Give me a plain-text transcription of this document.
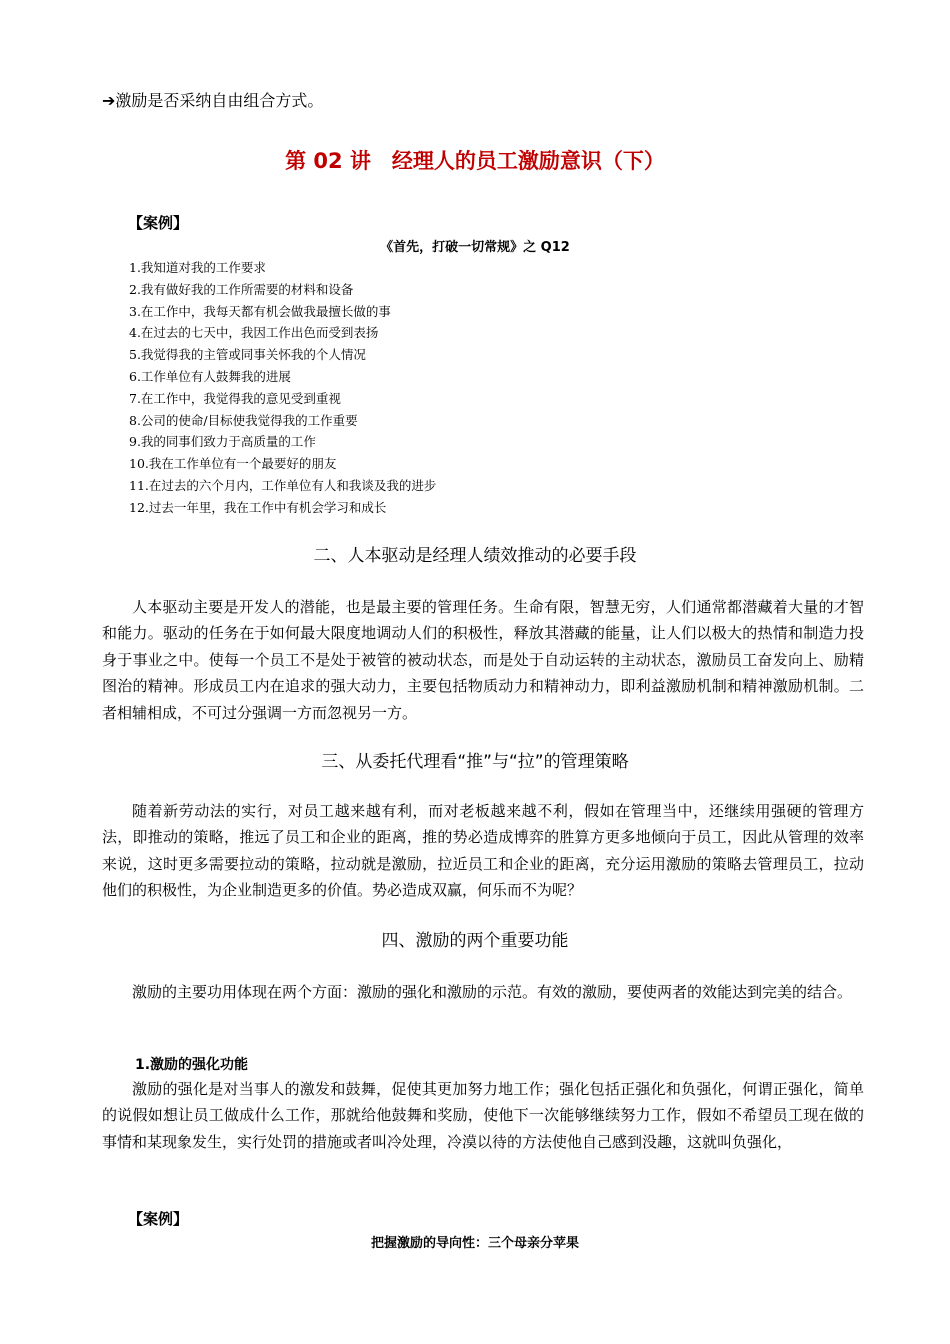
➔激励是否采纳自由组合方式。
第 02 讲　经理人的员工激励意识（下）
【案例】
《首先，打破一切常规》之 Q12
1.我知道对我的工作要求
2.我有做好我的工作所需要的材料和设备
3.在工作中，我每天都有机会做我最擅长做的事
4.在过去的七天中，我因工作出色而受到表扬
5.我觉得我的主管或同事关怀我的个人情况
6.工作单位有人鼓舞我的进展
7.在工作中，我觉得我的意见受到重视
8.公司的使命/目标使我觉得我的工作重要
9.我的同事们致力于高质量的工作
10.我在工作单位有一个最要好的朋友
11.在过去的六个月内，工作单位有人和我谈及我的进步
12.过去一年里，我在工作中有机会学习和成长
二、人本驱动是经理人绩效推动的必要手段

人本驱动主要是开发人的潜能，也是最主要的管理任务。生命有限，智慧无穷，人们通常都潜藏着大量的才智和能力。驱动的任务在于如何最大限度地调动人们的积极性，释放其潜藏的能量，让人们以极大的热情和制造力投身于事业之中。使每一个员工不是处于被管的被动状态，而是处于自动运转的主动状态，激励员工奋发向上、励精图治的精神。形成员工内在追求的强大动力，主要包括物质动力和精神动力，即利益激励机制和精神激励机制。二者相辅相成，不可过分强调一方而忽视另一方。

三、从委托代理看“推”与“拉”的管理策略

随着新劳动法的实行，对员工越来越有利，而对老板越来越不利，假如在管理当中，还继续用强硬的管理方法，即推动的策略，推远了员工和企业的距离，推的势必造成博弈的胜算方更多地倾向于员工，因此从管理的效率来说，这时更多需要拉动的策略，拉动就是激励，拉近员工和企业的距离，充分运用激励的策略去管理员工，拉动他们的积极性，为企业制造更多的价值。势必造成双赢，何乐而不为呢？

四、激励的两个重要功能

激励的主要功用体现在两个方面：激励的强化和激励的示范。有效的激励，要使两者的效能达到完美的结合。

1.激励的强化功能

激励的强化是对当事人的激发和鼓舞，促使其更加努力地工作；强化包括正强化和负强化，何谓正强化，简单的说假如想让员工做成什么工作，那就给他鼓舞和奖励，使他下一次能够继续努力工作，假如不希望员工现在做的事情和某现象发生，实行处罚的措施或者叫冷处理，冷漠以待的方法使他自己感到没趣，这就叫负强化，

【案例】
把握激励的导向性：三个母亲分苹果
